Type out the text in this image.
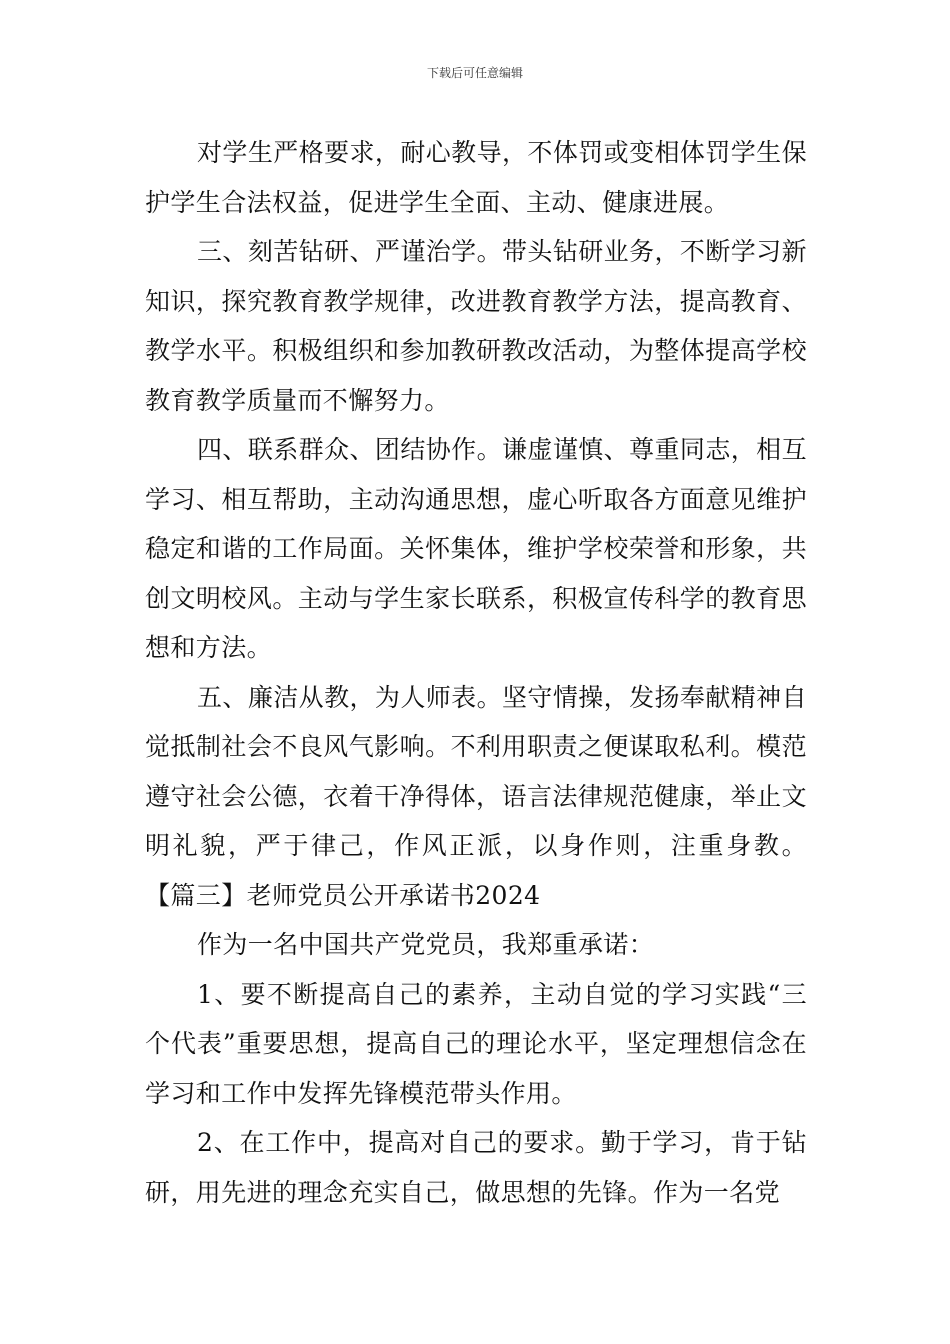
下载后可任意编辑

对学生严格要求，耐心教导，不体罚或变相体罚学生保护学生合法权益，促进学生全面、主动、健康进展。

三、刻苦钻研、严谨治学。带头钻研业务，不断学习新知识，探究教育教学规律，改进教育教学方法，提高教育、教学水平。积极组织和参加教研教改活动，为整体提高学校教育教学质量而不懈努力。

四、联系群众、团结协作。谦虚谨慎、尊重同志，相互学习、相互帮助，主动沟通思想，虚心听取各方面意见维护稳定和谐的工作局面。关怀集体，维护学校荣誉和形象，共创文明校风。主动与学生家长联系，积极宣传科学的教育思想和方法。

五、廉洁从教，为人师表。坚守情操，发扬奉献精神自觉抵制社会不良风气影响。不利用职责之便谋取私利。模范遵守社会公德，衣着干净得体，语言法律规范健康，举止文明礼貌，严于律己，作风正派，以身作则，注重身教。 【篇三】老师党员公开承诺书2024

作为一名中国共产党党员，我郑重承诺：

1、要不断提高自己的素养，主动自觉的学习实践“三个代表”重要思想，提高自己的理论水平，坚定理想信念在学习和工作中发挥先锋模范带头作用。

2、在工作中，提高对自己的要求。勤于学习，肯于钻研，用先进的理念充实自己，做思想的先锋。作为一名党
